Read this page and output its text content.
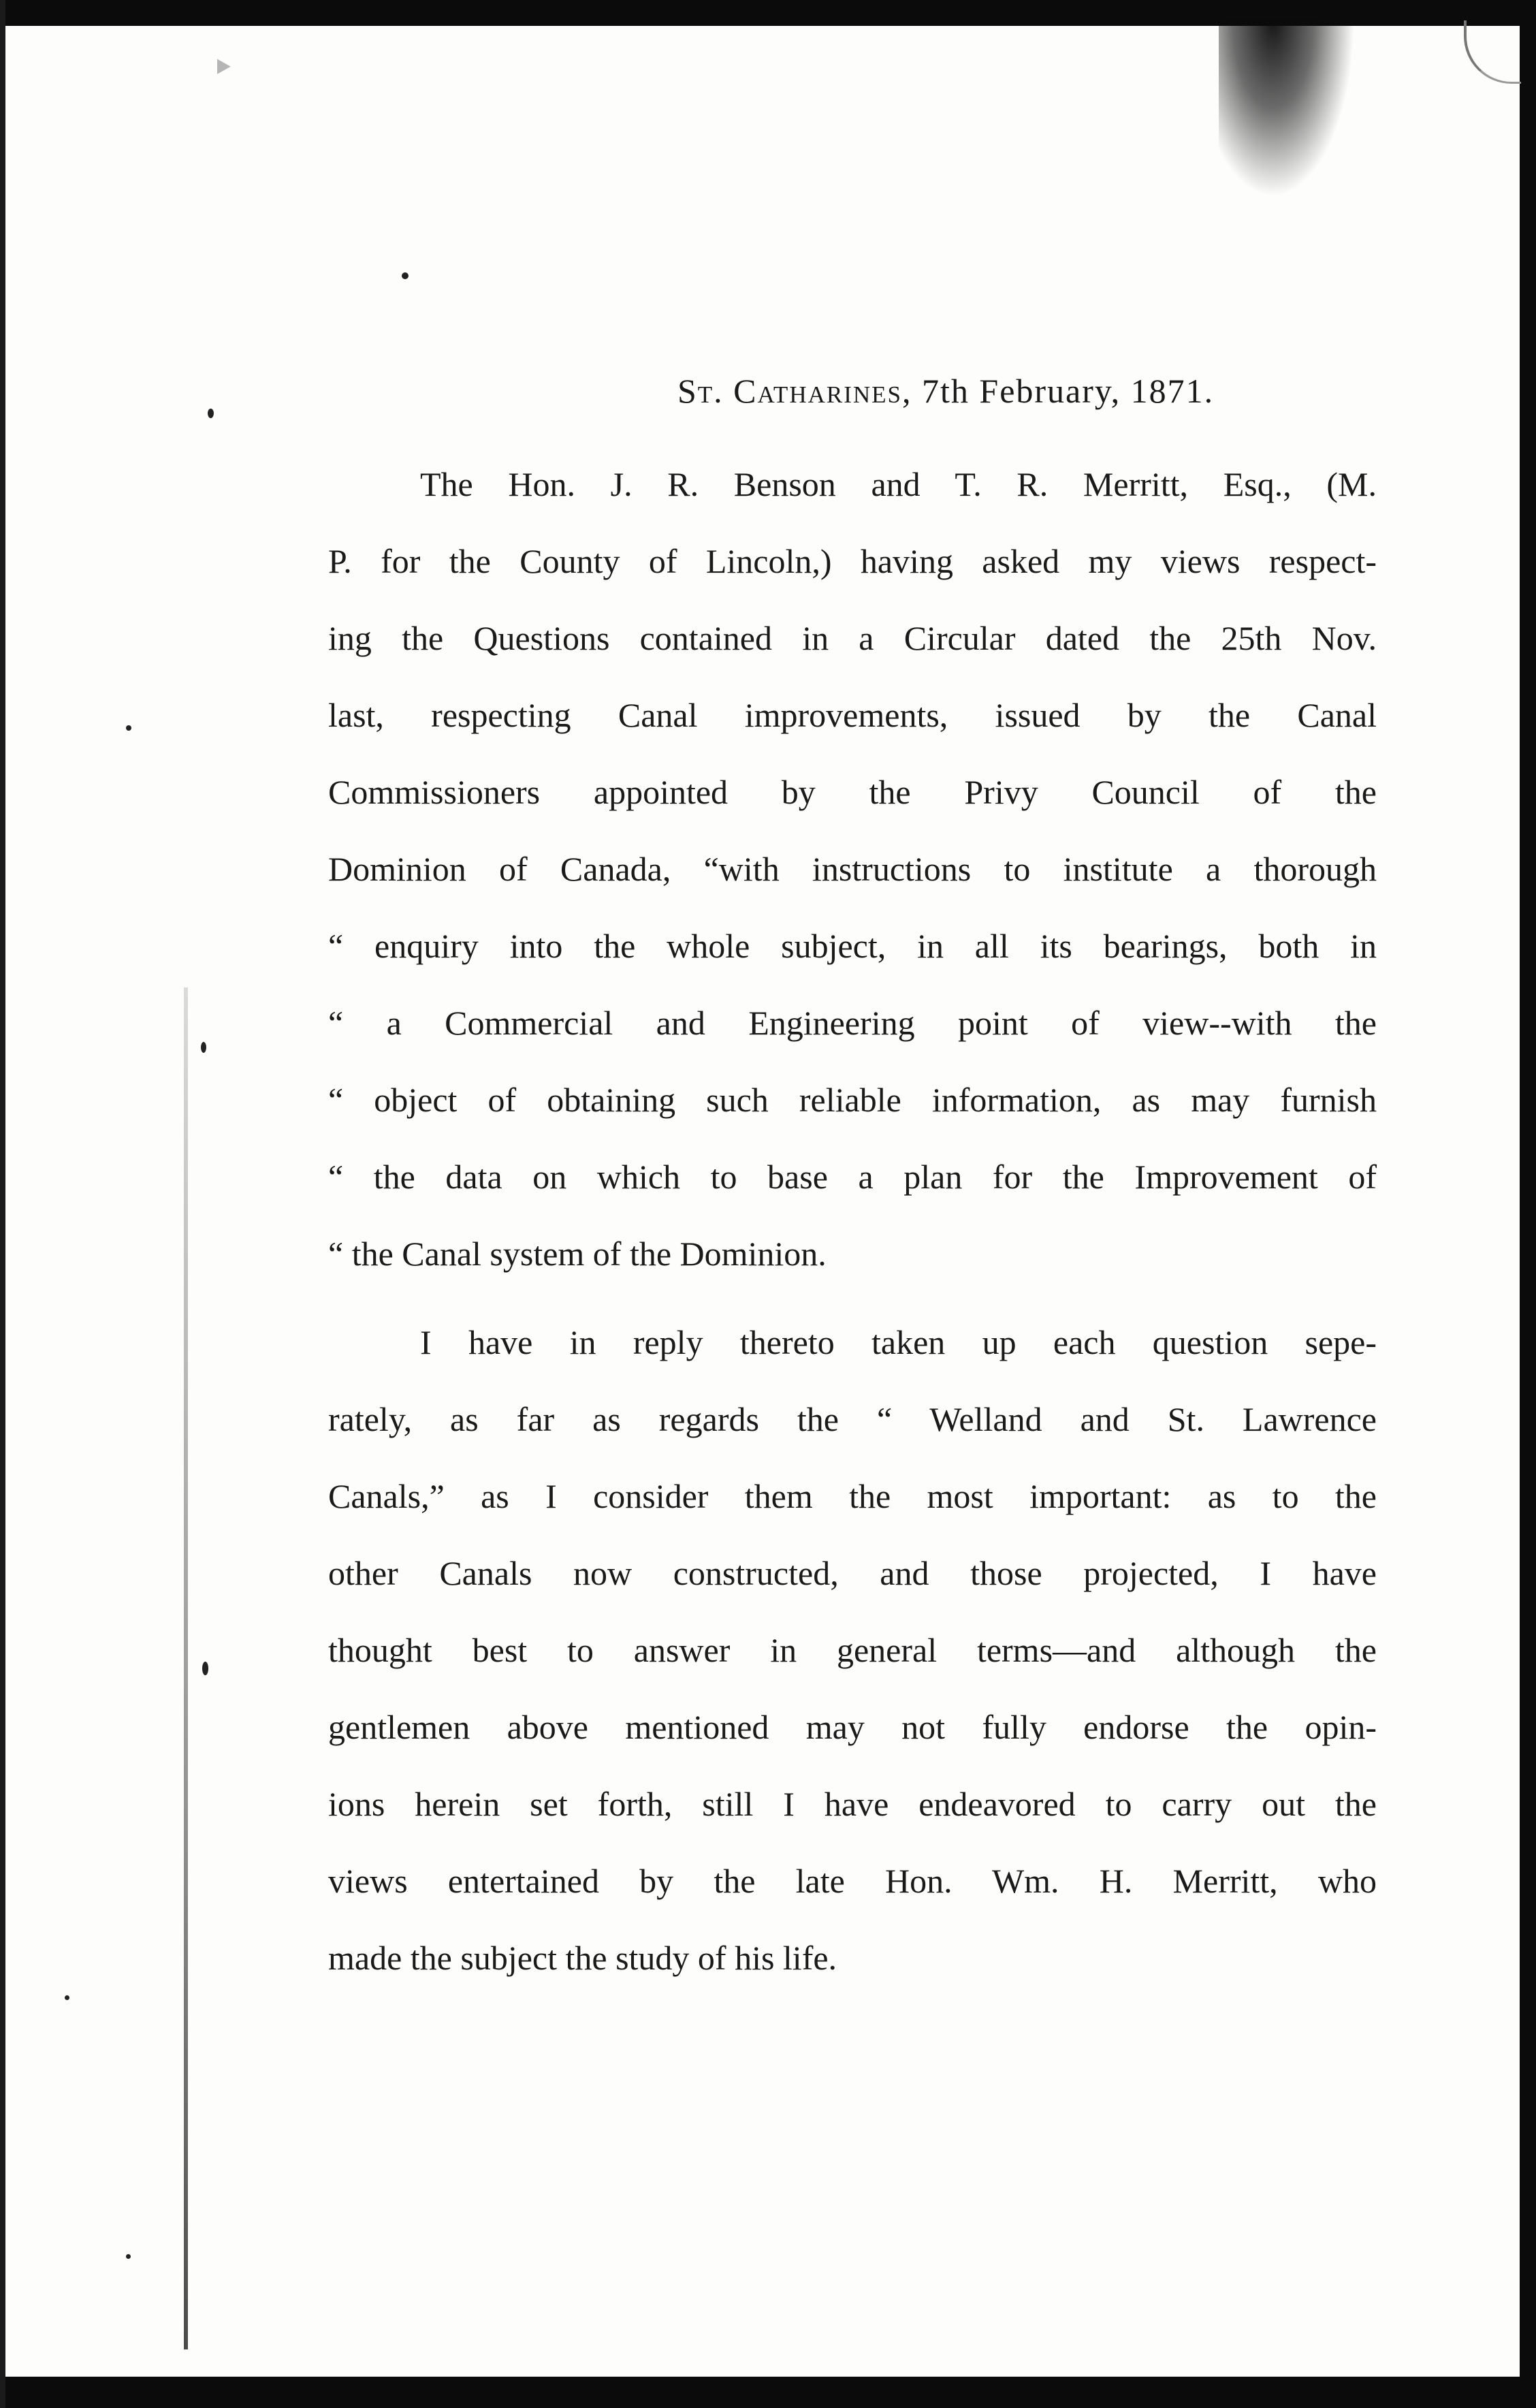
‣
St. Catharines, 7th February, 1871.
The Hon. J. R. Benson and T. R. Merritt, Esq., (M.
P. for the County of Lincoln,) having asked my views respect-
ing the Questions contained in a Circular dated the 25th Nov.
last, respecting Canal improvements, issued by the Canal
Commissioners appointed by the Privy Council of the
Dominion of Canada, “with instructions to institute a thorough
“ enquiry into the whole subject, in all its bearings, both in
“ a Commercial and Engineering point of view--with the
“ object of obtaining such reliable information, as may furnish
“ the data on which to base a plan for the Improvement of
“ the Canal system of the Dominion.
I have in reply thereto taken up each question sepe-
rately, as far as regards the “ Welland and St. Lawrence
Canals,” as I consider them the most important: as to the
other Canals now constructed, and those projected, I have
thought best to answer in general terms—and although the
gentlemen above mentioned may not fully endorse the opin-
ions herein set forth, still I have endeavored to carry out the
views entertained by the late Hon. Wm. H. Merritt, who
made the subject the study of his life.
